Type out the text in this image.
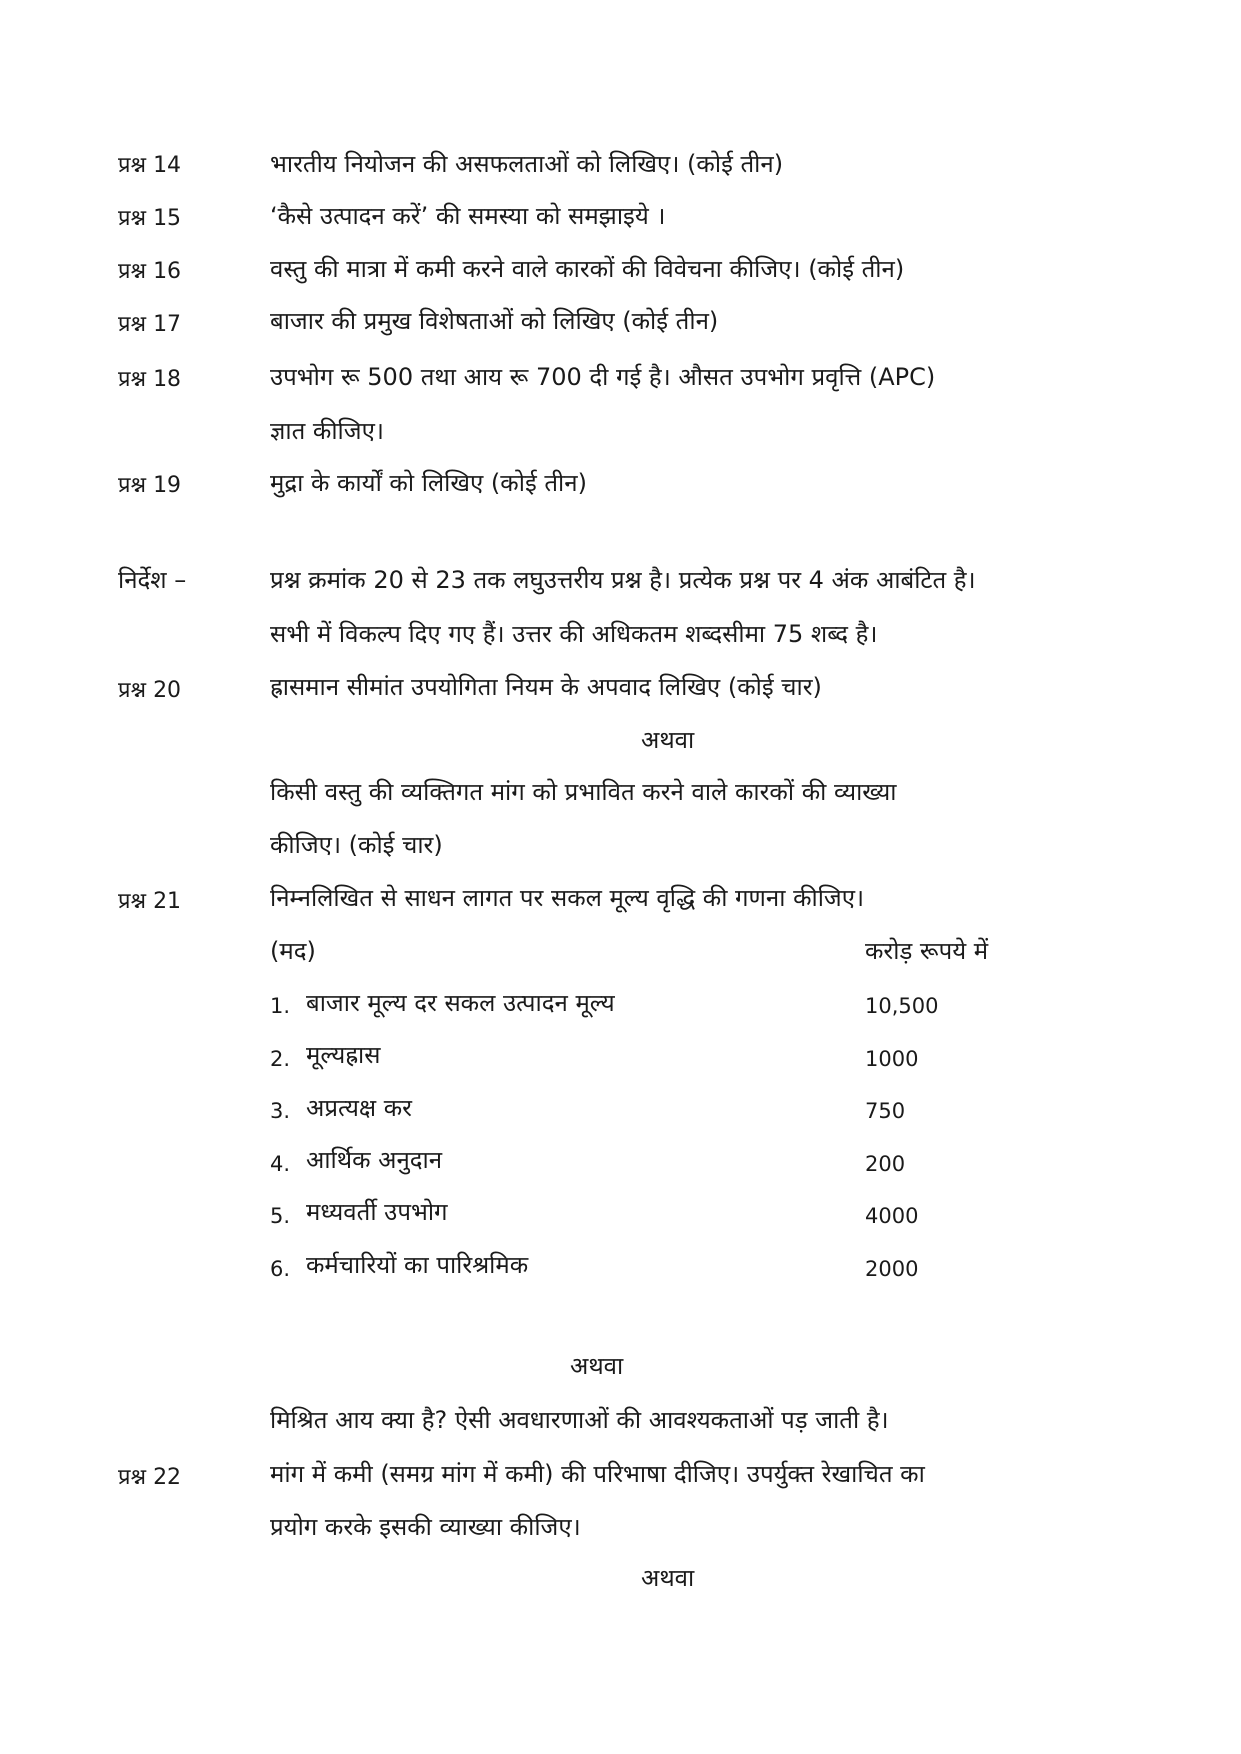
प्रश्न 14	भारतीय नियोजन की असफलताओं को लिखिए। (कोई तीन)
प्रश्न 15	‘कैसे उत्पादन करें’ की समस्या को समझाइये ।
प्रश्न 16	वस्तु की मात्रा में कमी करने वाले कारकों की विवेचना कीजिए। (कोई तीन)
प्रश्न 17	बाजार की प्रमुख विशेषताओं को लिखिए (कोई तीन)
प्रश्न 18	उपभोग रू 500 तथा आय रू 700 दी गई है। औसत उपभोग प्रवृत्ति (APC)
ज्ञात कीजिए।
प्रश्न 19	मुद्रा के कार्यों को लिखिए (कोई तीन)
निर्देश –	प्रश्न क्रमांक 20 से 23 तक लघुउत्तरीय प्रश्न है। प्रत्येक प्रश्न पर 4 अंक आबंटित है।
सभी में विकल्प दिए गए हैं। उत्तर की अधिकतम शब्दसीमा 75 शब्द है।
प्रश्न 20	ह्रासमान सीमांत उपयोगिता नियम के अपवाद लिखिए (कोई चार)
अथवा
किसी वस्तु की व्यक्तिगत मांग को प्रभावित करने वाले कारकों की व्याख्या
कीजिए। (कोई चार)
प्रश्न 21	निम्नलिखित से साधन लागत पर सकल मूल्य वृद्धि की गणना कीजिए।
(मद)	करोड़ रूपये में
1. बाजार मूल्य दर सकल उत्पादन मूल्य	10,500
2. मूल्यह्रास	1000
3. अप्रत्यक्ष कर	750
4. आर्थिक अनुदान	200
5. मध्यवर्ती उपभोग	4000
6. कर्मचारियों का पारिश्रमिक	2000
अथवा
मिश्रित आय क्या है? ऐसी अवधारणाओं की आवश्यकताओं पड़ जाती है।
प्रश्न 22	मांग में कमी (समग्र मांग में कमी) की परिभाषा दीजिए। उपर्युक्त रेखाचित का
प्रयोग करके इसकी व्याख्या कीजिए।
अथवा
